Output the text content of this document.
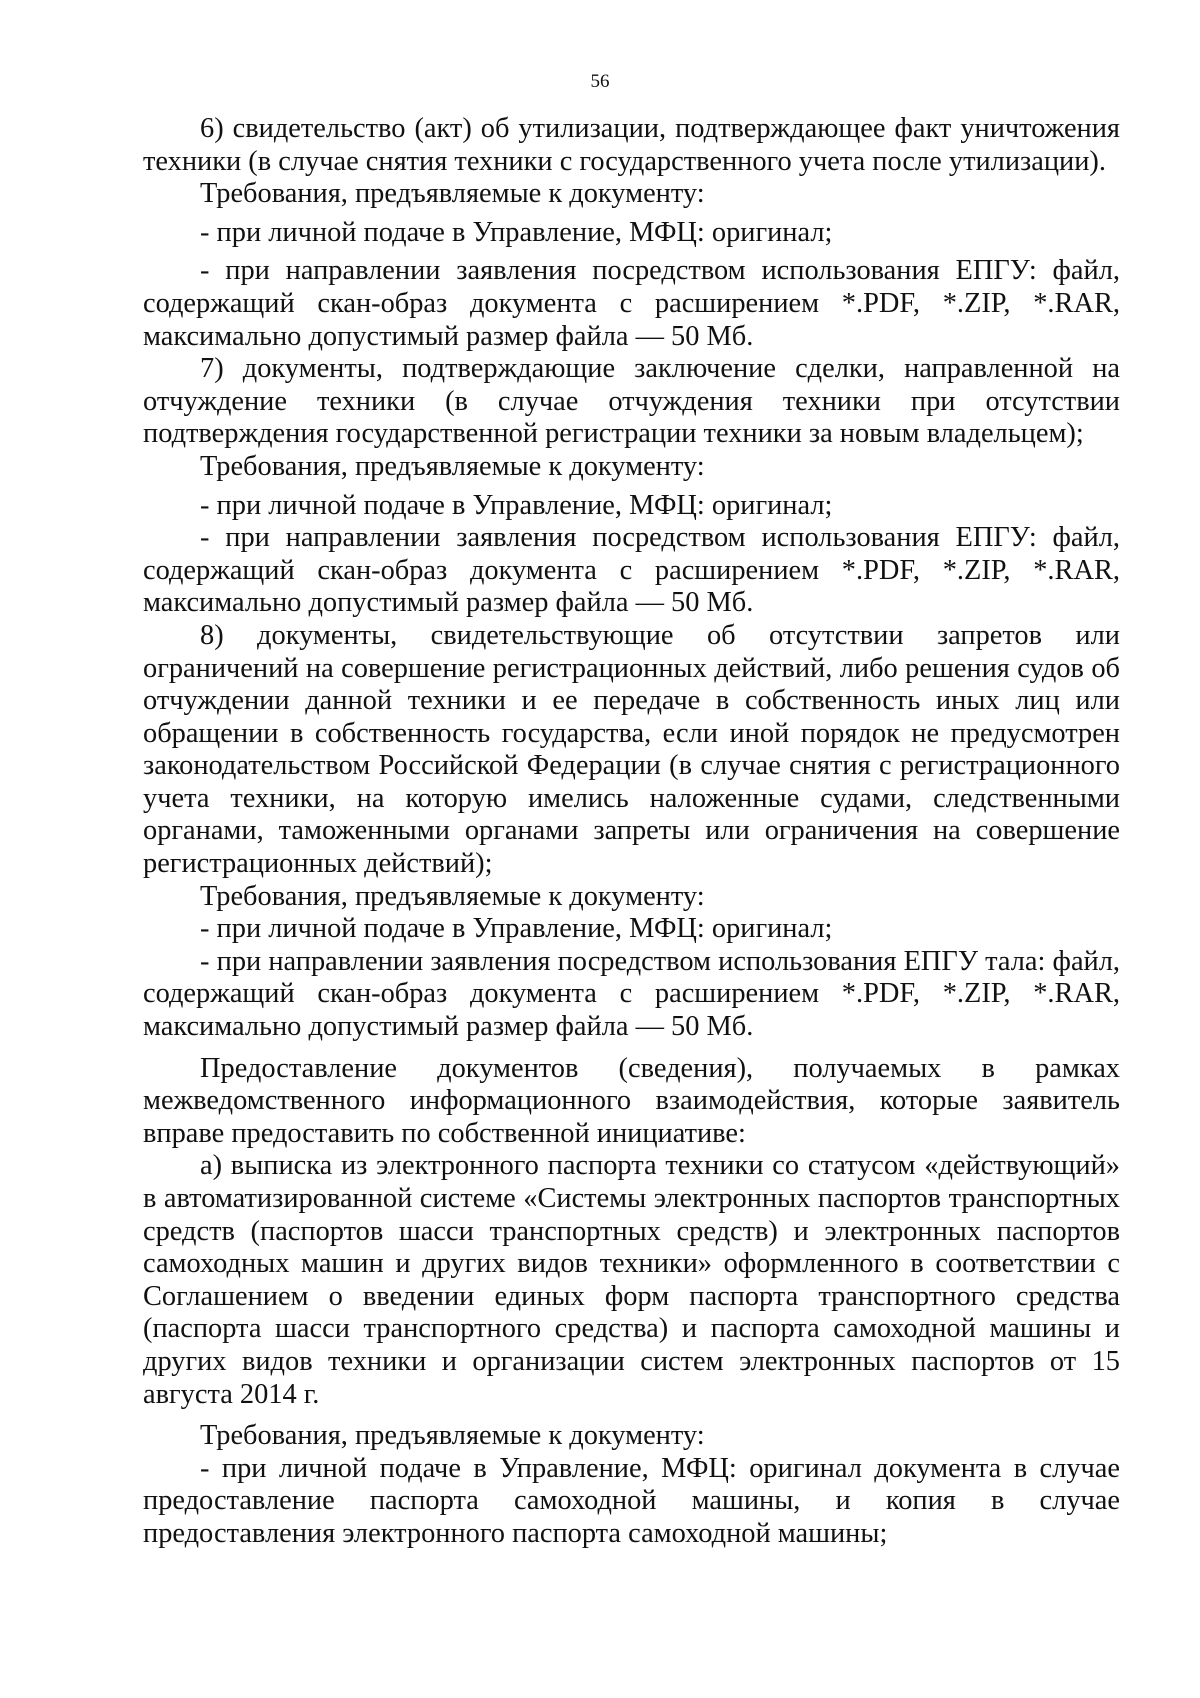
56

6) свидетельство (акт) об утилизации, подтверждающее факт уничтожения техники (в случае снятия техники с государственного учета после утилизации).

Требования, предъявляемые к документу:

- при личной подаче в Управление, МФЦ: оригинал;

- при направлении заявления посредством использования ЕПГУ: файл, содержащий скан-образ документа с расширением *.PDF, *.ZIP, *.RAR, максимально допустимый размер файла — 50 Мб.

7) документы, подтверждающие заключение сделки, направленной на отчуждение техники (в случае отчуждения техники при отсутствии подтверждения государственной регистрации техники за новым владельцем);

Требования, предъявляемые к документу:

- при личной подаче в Управление, МФЦ: оригинал;

- при направлении заявления посредством использования ЕПГУ: файл, содержащий скан-образ документа с расширением *.PDF, *.ZIP, *.RAR, максимально допустимый размер файла — 50 Мб.

8) документы, свидетельствующие об отсутствии запретов или ограничений на совершение регистрационных действий, либо решения судов об отчуждении данной техники и ее передаче в собственность иных лиц или обращении в собственность государства, если иной порядок не предусмотрен законодательством Российской Федерации (в случае снятия с регистрационного учета техники, на которую имелись наложенные судами, следственными органами, таможенными органами запреты или ограничения на совершение регистрационных действий);

Требования, предъявляемые к документу:

- при личной подаче в Управление, МФЦ: оригинал;

- при направлении заявления посредством использования ЕПГУ тала: файл, содержащий скан-образ документа с расширением *.PDF, *.ZIP, *.RAR, максимально допустимый размер файла — 50 Мб.

Предоставление документов (сведения), получаемых в рамках межведомственного информационного взаимодействия, которые заявитель вправе предоставить по собственной инициативе:

а) выписка из электронного паспорта техники со статусом «действующий» в автоматизированной системе «Системы электронных паспортов транспортных средств (паспортов шасси транспортных средств) и электронных паспортов самоходных машин и других видов техники» оформленного в соответствии с Соглашением о введении единых форм паспорта транспортного средства (паспорта шасси транспортного средства) и паспорта самоходной машины и других видов техники и организации систем электронных паспортов от 15 августа 2014 г.

Требования, предъявляемые к документу:

- при личной подаче в Управление, МФЦ: оригинал документа в случае предоставление паспорта самоходной машины, и копия в случае предоставления электронного паспорта самоходной машины;
